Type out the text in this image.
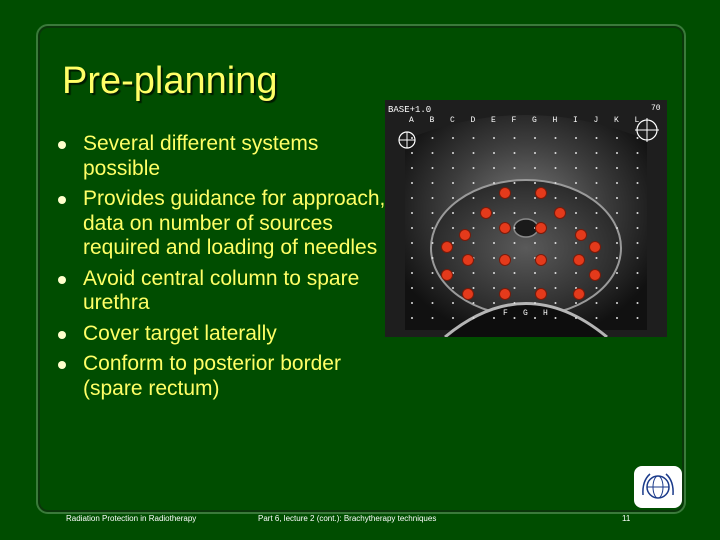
Pre-planning
Several different systems possible
Provides guidance for approach, data on number of sources required and loading of needles
Avoid central column to spare urethra
Cover target laterally
Conform to posterior border (spare rectum)
A B C D E F G H I J K L
BASE+1.0	70
F G H
Radiation Protection in Radiotherapy	Part 6, lecture 2 (cont.): Brachytherapy techniques	11
